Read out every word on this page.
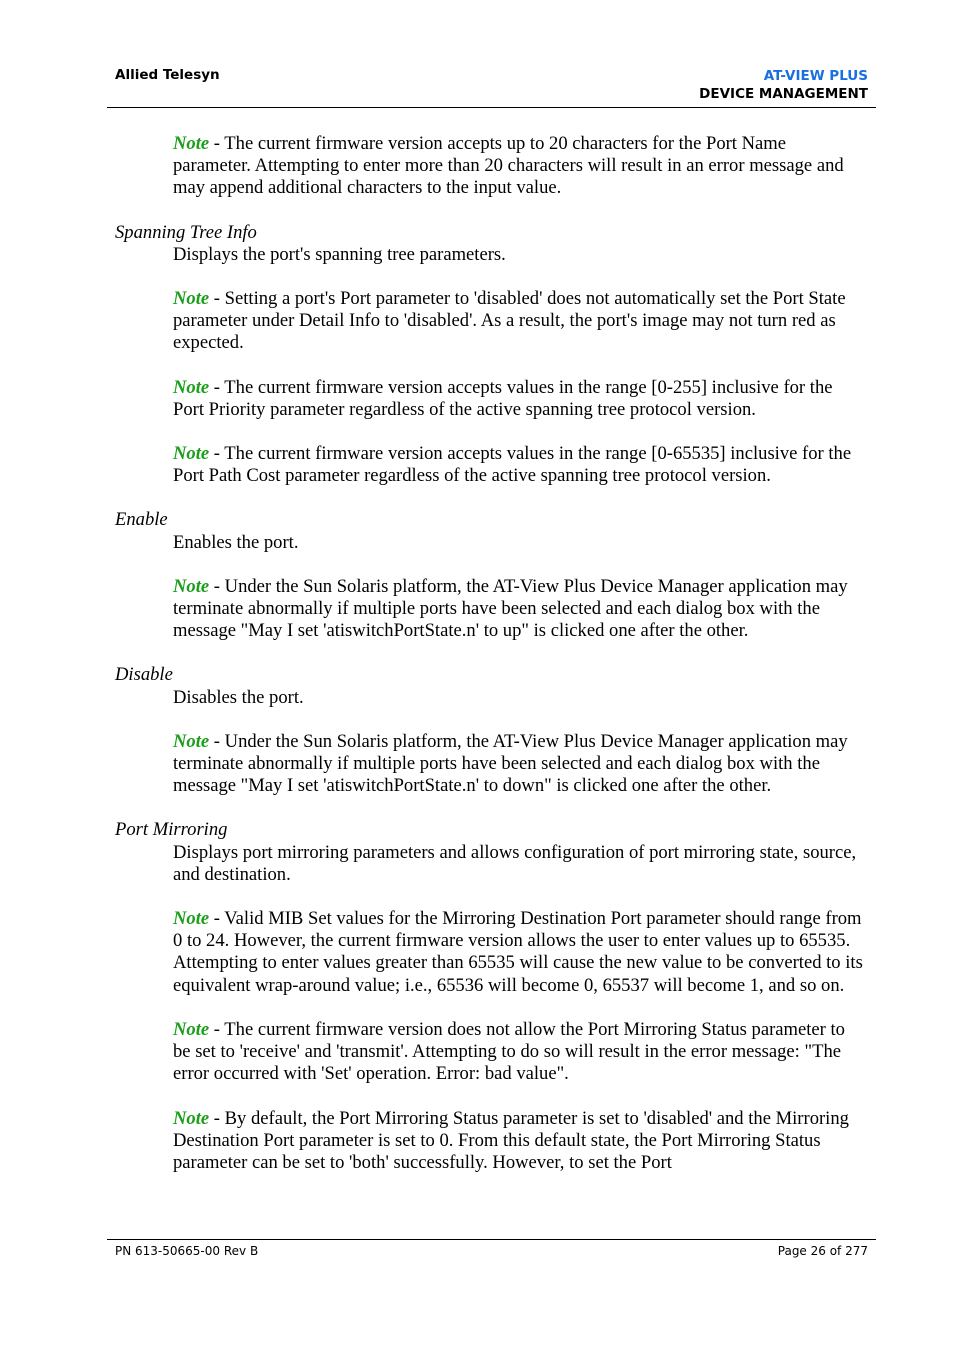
Allied Telesyn	AT-VIEW PLUS
DEVICE MANAGEMENT

Note - The current firmware version accepts up to 20 characters for the Port Name parameter. Attempting to enter more than 20 characters will result in an error message and may append additional characters to the input value.

Spanning Tree Info

Displays the port's spanning tree parameters.

Note - Setting a port's Port parameter to 'disabled' does not automatically set the Port State parameter under Detail Info to 'disabled'. As a result, the port's image may not turn red as expected.

Note - The current firmware version accepts values in the range [0-255] inclusive for the Port Priority parameter regardless of the active spanning tree protocol version.

Note - The current firmware version accepts values in the range [0-65535] inclusive for the Port Path Cost parameter regardless of the active spanning tree protocol version.

Enable

Enables the port.

Note - Under the Sun Solaris platform, the AT-View Plus Device Manager application may terminate abnormally if multiple ports have been selected and each dialog box with the message "May I set 'atiswitchPortState.n' to up" is clicked one after the other.

Disable

Disables the port.

Note - Under the Sun Solaris platform, the AT-View Plus Device Manager application may terminate abnormally if multiple ports have been selected and each dialog box with the message "May I set 'atiswitchPortState.n' to down" is clicked one after the other.

Port Mirroring

Displays port mirroring parameters and allows configuration of port mirroring state, source, and destination.

Note - Valid MIB Set values for the Mirroring Destination Port parameter should range from 0 to 24. However, the current firmware version allows the user to enter values up to 65535. Attempting to enter values greater than 65535 will cause the new value to be converted to its equivalent wrap-around value; i.e., 65536 will become 0, 65537 will become 1, and so on.

Note - The current firmware version does not allow the Port Mirroring Status parameter to be set to 'receive' and 'transmit'. Attempting to do so will result in the error message: "The error occurred with 'Set' operation. Error: bad value".

Note - By default, the Port Mirroring Status parameter is set to 'disabled' and the Mirroring Destination Port parameter is set to 0. From this default state, the Port Mirroring Status parameter can be set to 'both' successfully. However, to set the Port

PN 613-50665-00 Rev B	Page 26 of 277
